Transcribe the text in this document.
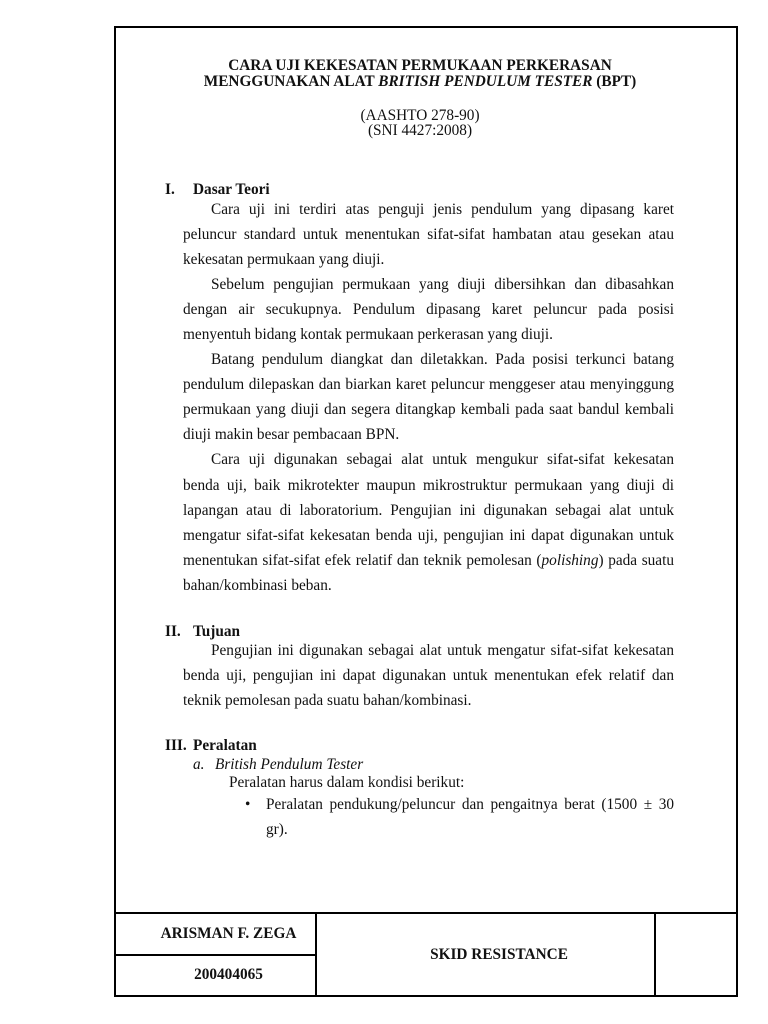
CARA UJI KEKESATAN PERMUKAAN PERKERASAN
MENGGUNAKAN ALAT BRITISH PENDULUM TESTER (BPT)
(AASHTO 278-90)
(SNI 4427:2008)
I. Dasar Teori
Cara uji ini terdiri atas penguji jenis pendulum yang dipasang karet
peluncur standard untuk menentukan sifat-sifat hambatan atau gesekan atau
kekesatan permukaan yang diuji.
Sebelum pengujian permukaan yang diuji dibersihkan dan dibasahkan
dengan air secukupnya. Pendulum dipasang karet peluncur pada posisi
menyentuh bidang kontak permukaan perkerasan yang diuji.
Batang pendulum diangkat dan diletakkan. Pada posisi terkunci batang
pendulum dilepaskan dan biarkan karet peluncur menggeser atau menyinggung
permukaan yang diuji dan segera ditangkap kembali pada saat bandul kembali
diuji makin besar pembacaan BPN.
Cara uji digunakan sebagai alat untuk mengukur sifat-sifat kekesatan
benda uji, baik mikrotekter maupun mikrostruktur permukaan yang diuji di
lapangan atau di laboratorium. Pengujian ini digunakan sebagai alat untuk
mengatur sifat-sifat kekesatan benda uji, pengujian ini dapat digunakan untuk
menentukan sifat-sifat efek relatif dan teknik pemolesan (polishing) pada suatu
bahan/kombinasi beban.
II. Tujuan
Pengujian ini digunakan sebagai alat untuk mengatur sifat-sifat kekesatan
benda uji, pengujian ini dapat digunakan untuk menentukan efek relatif dan
teknik pemolesan pada suatu bahan/kombinasi.
III. Peralatan
a. British Pendulum Tester
Peralatan harus dalam kondisi berikut:
•	Peralatan pendukung/peluncur dan pengaitnya berat (1500 ± 30
gr).
ARISMAN F. ZEGA
200404065
SKID RESISTANCE
